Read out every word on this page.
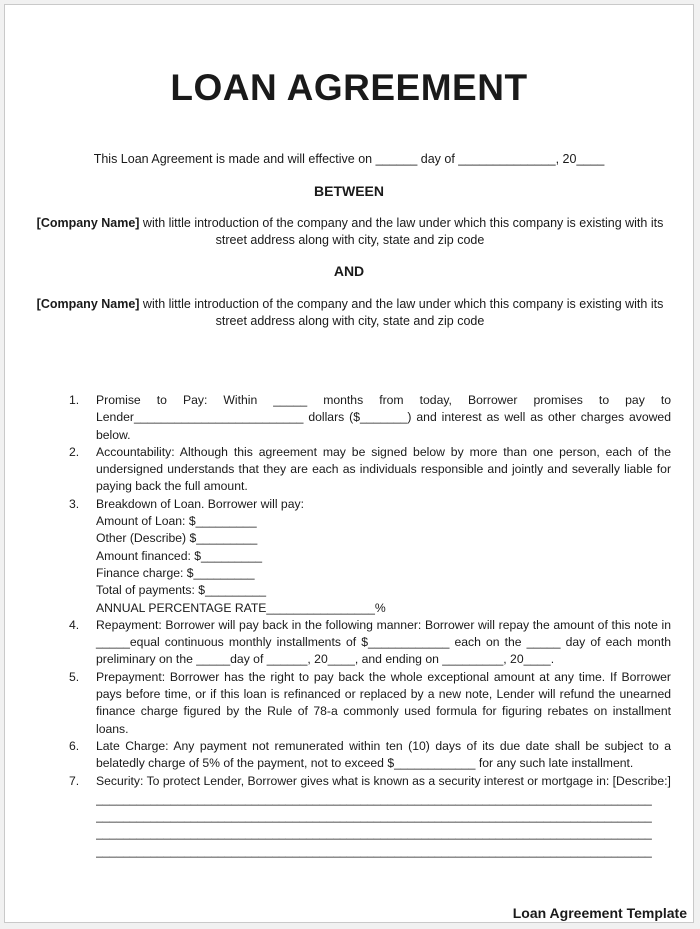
LOAN AGREEMENT
This Loan Agreement is made and will effective on ______ day of ______________, 20____
BETWEEN
[Company Name] with little introduction of the company and the law under which this company is existing with its street address along with city, state and zip code
AND
[Company Name] with little introduction of the company and the law under which this company is existing with its street address along with city, state and zip code
1.	Promise to Pay: Within _____ months from today, Borrower promises to pay to Lender_________________________ dollars ($_______) and interest as well as other charges avowed below.

2.	Accountability: Although this agreement may be signed below by more than one person, each of the undersigned understands that they are each as individuals responsible and jointly and severally liable for paying back the full amount.

3.	Breakdown of Loan. Borrower will pay:

Amount of Loan: $_________
Other (Describe) $_________
Amount financed: $_________
Finance charge: $_________
Total of payments: $_________
ANNUAL PERCENTAGE RATE________________%
4.	Repayment: Borrower will pay back in the following manner: Borrower will repay the amount of this note in _____equal continuous monthly installments of $____________ each on the _____ day of each month preliminary on the _____day of ______, 20____, and ending on _________, 20____.

5.	Prepayment: Borrower has the right to pay back the whole exceptional amount at any time. If Borrower pays before time, or if this loan is refinanced or replaced by a new note, Lender will refund the unearned finance charge figured by the Rule of 78-a commonly used formula for figuring rebates on installment loans.

6.	Late Charge: Any payment not remunerated within ten (10) days of its due date shall be subject to a belatedly charge of 5% of the payment, not to exceed $____________ for any such late installment.

7.	Security: To protect Lender, Borrower gives what is known as a security interest or mortgage in: [Describe:]

__________________________________________________________________________________
__________________________________________________________________________________
__________________________________________________________________________________
__________________________________________________________________________________
Loan Agreement Template
